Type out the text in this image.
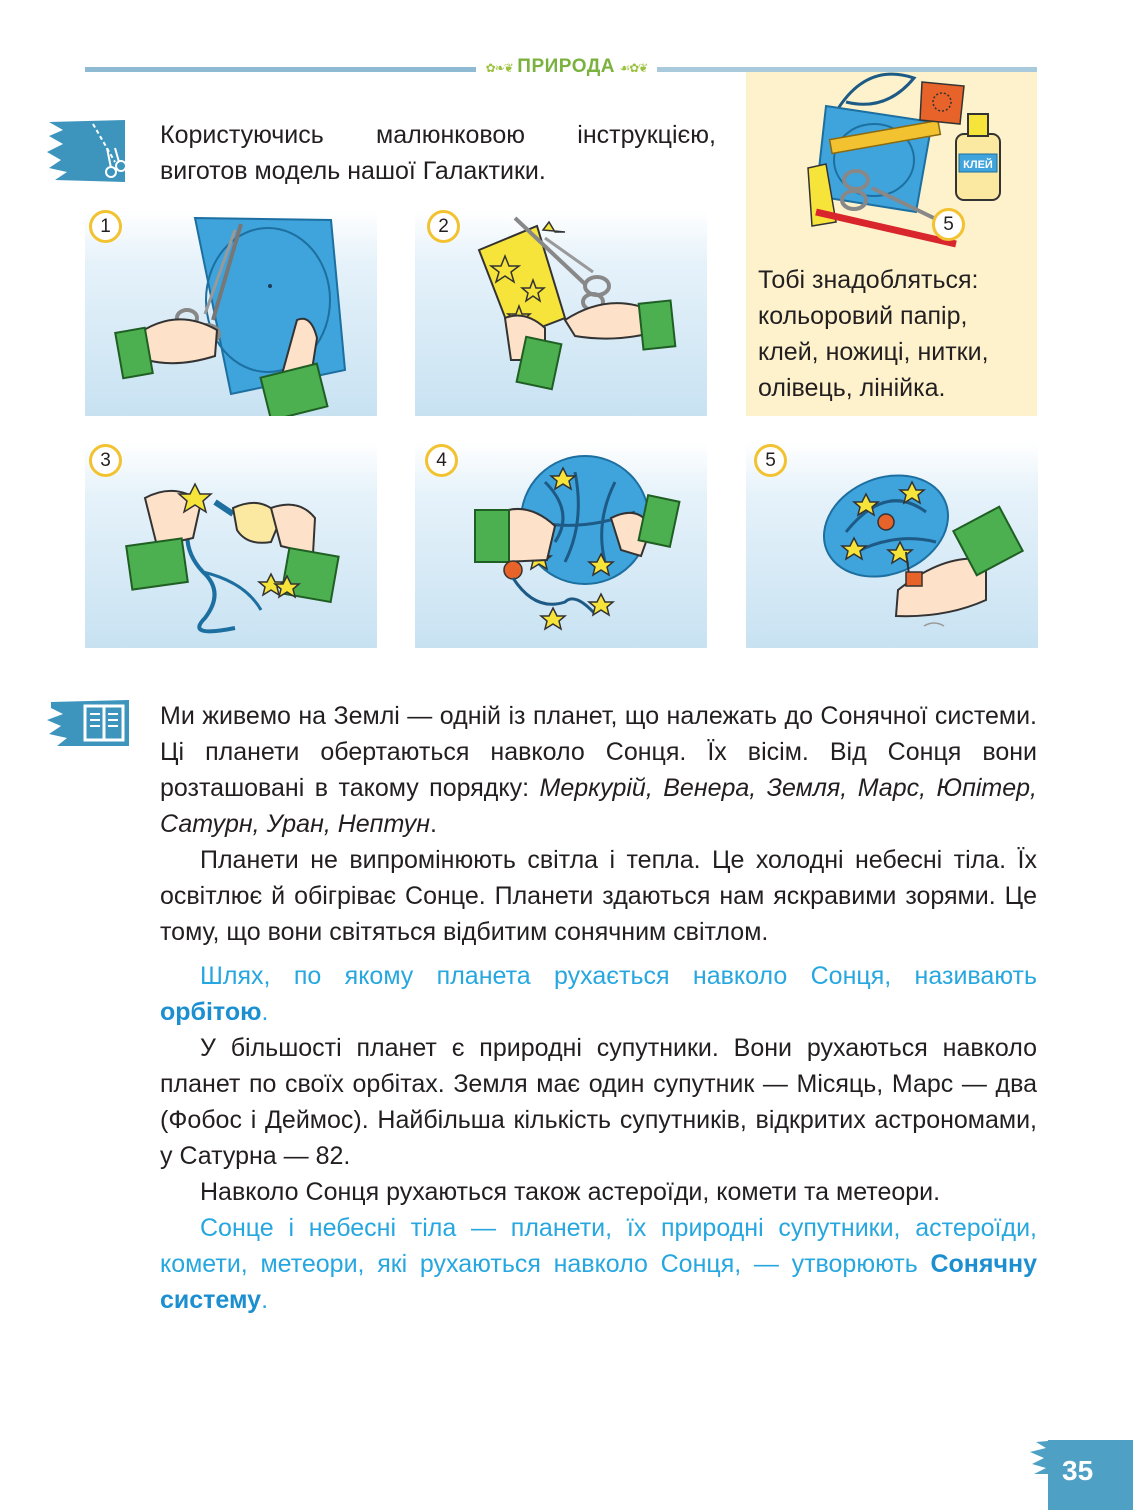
✿❧❦ ПРИРОДА ☙✿❦
Користуючись малюнковою інструкцією, виготов модель нашої Галактики.
1	2
3	4	5
КЛЕЙ
5
Тобі знадобляться: кольоровий папір, клей, ножиці, нитки, олівець, лінійка.

Ми живемо на Землі — одній із планет, що належать до Сонячної системи. Ці планети обертаються навколо Сонця. Їх вісім. Від Сонця вони розташовані в такому порядку: Меркурій, Венера, Земля, Марс, Юпітер, Сатурн, Уран, Нептун.

Планети не випромінюють світла і тепла. Це холодні небесні тіла. Їх освітлює й обігріває Сонце. Планети здаються нам яскравими зорями. Це тому, що вони світяться відбитим сонячним світлом.

Шлях, по якому планета рухається навколо Сонця, називають орбітою.

У більшості планет є природні супутники. Вони рухаються навколо планет по своїх орбітах. Земля має один супутник — Місяць, Марс — два (Фобос і Деймос). Найбільша кількість супутників, відкритих астрономами, у Сатурна — 82.

Навколо Сонця рухаються також астероїди, комети та метеори.

Сонце і небесні тіла — планети, їх природні супутники, астероїди, комети, метеори, які рухаються навколо Сонця, — утворюють Сонячну систему.

35
